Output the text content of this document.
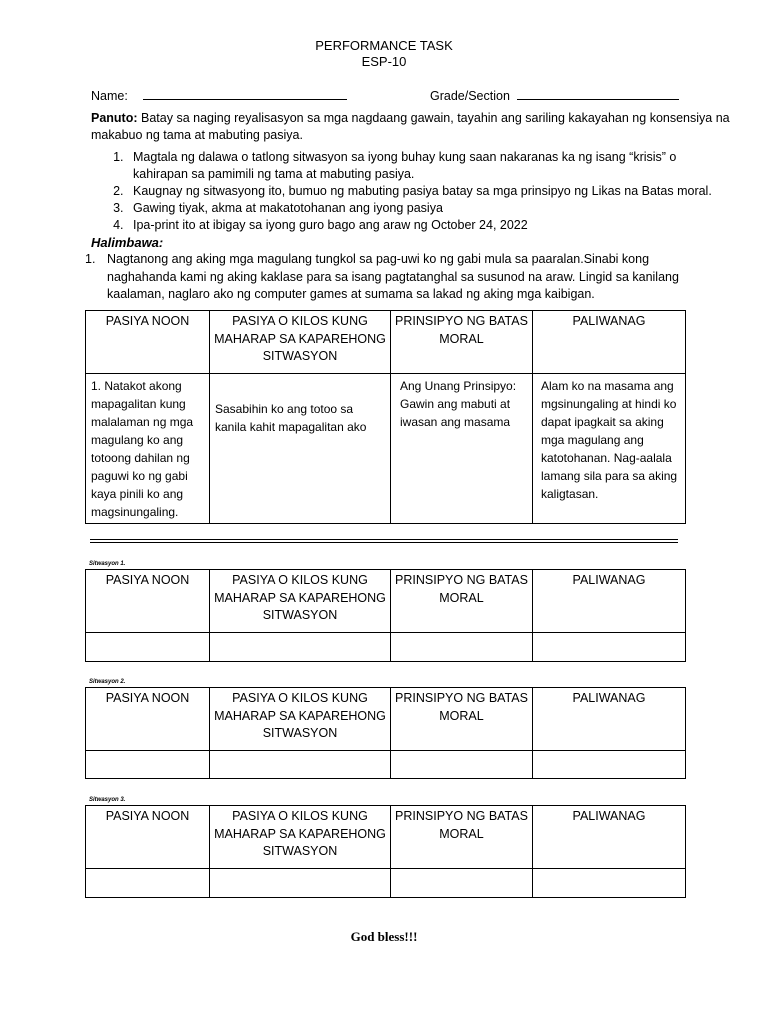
PERFORMANCE TASK
ESP-10
Name:	Grade/Section
Panuto: Batay sa naging reyalisasyon sa mga nagdaang gawain, tayahin ang sariling kakayahan ng konsensiya na
makabuo ng tama at mabuting pasiya.
1. Magtala ng dalawa o tatlong sitwasyon sa iyong buhay kung saan nakaranas ka ng isang “krisis” o kahirapan sa pamimili ng tama at mabuting pasiya.
2. Kaugnay ng sitwasyong ito, bumuo ng mabuting pasiya batay sa mga prinsipyo ng Likas na Batas moral.
3. Gawing tiyak, akma at makatotohanan ang iyong pasiya
4. Ipa-print ito at ibigay sa iyong guro bago ang araw ng October 24, 2022
Halimbawa:
1. Nagtanong ang aking mga magulang tungkol sa pag-uwi ko ng gabi mula sa paaralan.Sinabi kong naghahanda kami ng aking kaklase para sa isang pagtatanghal sa susunod na araw. Lingid sa kanilang kaalaman, naglaro ako ng computer games at sumama sa lakad ng aking mga kaibigan.
PASIYA NOON	PASIYA O KILOS KUNG MAHARAP SA KAPAREHONG SITWASYON	PRINSIPYO NG BATAS MORAL	PALIWANAG
1. Natakot akong mapagalitan kung malalaman ng mga magulang ko ang totoong dahilan ng paguwi ko ng gabi kaya pinili ko ang magsinungaling.	Sasabihin ko ang totoo sa kanila kahit mapagalitan ako	Ang Unang Prinsipyo: Gawin ang mabuti at iwasan ang masama	Alam ko na masama ang mgsinungaling at hindi ko dapat ipagkait sa aking mga magulang ang katotohanan. Nag-aalala lamang sila para sa aking kaligtasan.
Sitwasyon 1.
PASIYA NOON	PASIYA O KILOS KUNG MAHARAP SA KAPAREHONG SITWASYON	PRINSIPYO NG BATAS MORAL	PALIWANAG

Sitwasyon 2.
PASIYA NOON	PASIYA O KILOS KUNG MAHARAP SA KAPAREHONG SITWASYON	PRINSIPYO NG BATAS MORAL	PALIWANAG

Sitwasyon 3.
PASIYA NOON	PASIYA O KILOS KUNG MAHARAP SA KAPAREHONG SITWASYON	PRINSIPYO NG BATAS MORAL	PALIWANAG

God bless!!!
